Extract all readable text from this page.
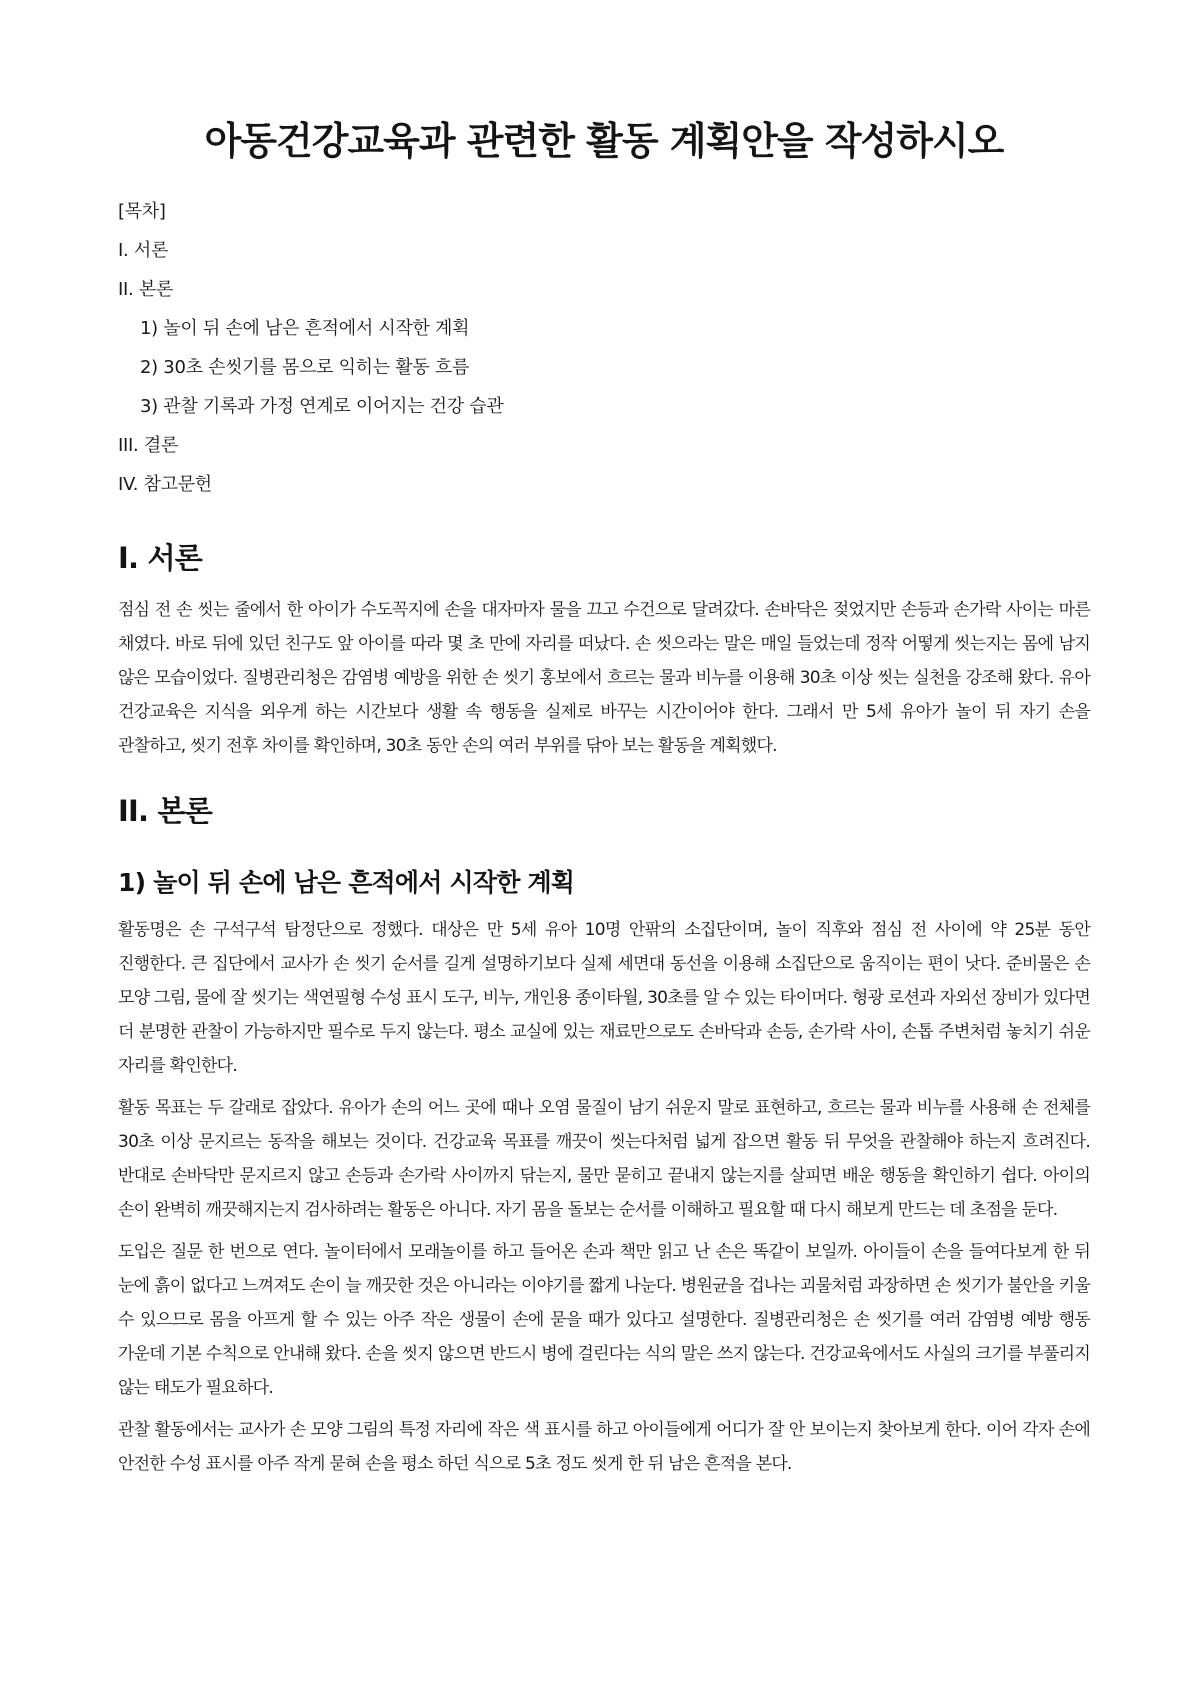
아동건강교육과 관련한 활동 계획안을 작성하시오
[목차]
I. 서론
II. 본론
1) 놀이 뒤 손에 남은 흔적에서 시작한 계획
2) 30초 손씻기를 몸으로 익히는 활동 흐름
3) 관찰 기록과 가정 연계로 이어지는 건강 습관
III. 결론
IV. 참고문헌
I. 서론

점심 전 손 씻는 줄에서 한 아이가 수도꼭지에 손을 대자마자 물을 끄고 수건으로 달려갔다. 손바닥은 젖었지만 손등과 손가락 사이는 마른 채였다. 바로 뒤에 있던 친구도 앞 아이를 따라 몇 초 만에 자리를 떠났다. 손 씻으라는 말은 매일 들었는데 정작 어떻게 씻는지는 몸에 남지 않은 모습이었다. 질병관리청은 감염병 예방을 위한 손 씻기 홍보에서 흐르는 물과 비누를 이용해 30초 이상 씻는 실천을 강조해 왔다. 유아 건강교육은 지식을 외우게 하는 시간보다 생활 속 행동을 실제로 바꾸는 시간이어야 한다. 그래서 만 5세 유아가 놀이 뒤 자기 손을 관찰하고, 씻기 전후 차이를 확인하며, 30초 동안 손의 여러 부위를 닦아 보는 활동을 계획했다.

II. 본론
1) 놀이 뒤 손에 남은 흔적에서 시작한 계획

활동명은 손 구석구석 탐정단으로 정했다. 대상은 만 5세 유아 10명 안팎의 소집단이며, 놀이 직후와 점심 전 사이에 약 25분 동안 진행한다. 큰 집단에서 교사가 손 씻기 순서를 길게 설명하기보다 실제 세면대 동선을 이용해 소집단으로 움직이는 편이 낫다. 준비물은 손 모양 그림, 물에 잘 씻기는 색연필형 수성 표시 도구, 비누, 개인용 종이타월, 30초를 알 수 있는 타이머다. 형광 로션과 자외선 장비가 있다면 더 분명한 관찰이 가능하지만 필수로 두지 않는다. 평소 교실에 있는 재료만으로도 손바닥과 손등, 손가락 사이, 손톱 주변처럼 놓치기 쉬운 자리를 확인한다.

활동 목표는 두 갈래로 잡았다. 유아가 손의 어느 곳에 때나 오염 물질이 남기 쉬운지 말로 표현하고, 흐르는 물과 비누를 사용해 손 전체를 30초 이상 문지르는 동작을 해보는 것이다. 건강교육 목표를 깨끗이 씻는다처럼 넓게 잡으면 활동 뒤 무엇을 관찰해야 하는지 흐려진다. 반대로 손바닥만 문지르지 않고 손등과 손가락 사이까지 닦는지, 물만 묻히고 끝내지 않는지를 살피면 배운 행동을 확인하기 쉽다. 아이의 손이 완벽히 깨끗해지는지 검사하려는 활동은 아니다. 자기 몸을 돌보는 순서를 이해하고 필요할 때 다시 해보게 만드는 데 초점을 둔다.

도입은 질문 한 번으로 연다. 놀이터에서 모래놀이를 하고 들어온 손과 책만 읽고 난 손은 똑같이 보일까. 아이들이 손을 들여다보게 한 뒤 눈에 흙이 없다고 느껴져도 손이 늘 깨끗한 것은 아니라는 이야기를 짧게 나눈다. 병원균을 겁나는 괴물처럼 과장하면 손 씻기가 불안을 키울 수 있으므로 몸을 아프게 할 수 있는 아주 작은 생물이 손에 묻을 때가 있다고 설명한다. 질병관리청은 손 씻기를 여러 감염병 예방 행동 가운데 기본 수칙으로 안내해 왔다. 손을 씻지 않으면 반드시 병에 걸린다는 식의 말은 쓰지 않는다. 건강교육에서도 사실의 크기를 부풀리지 않는 태도가 필요하다.

관찰 활동에서는 교사가 손 모양 그림의 특정 자리에 작은 색 표시를 하고 아이들에게 어디가 잘 안 보이는지 찾아보게 한다. 이어 각자 손에 안전한 수성 표시를 아주 작게 묻혀 손을 평소 하던 식으로 5초 정도 씻게 한 뒤 남은 흔적을 본다.
